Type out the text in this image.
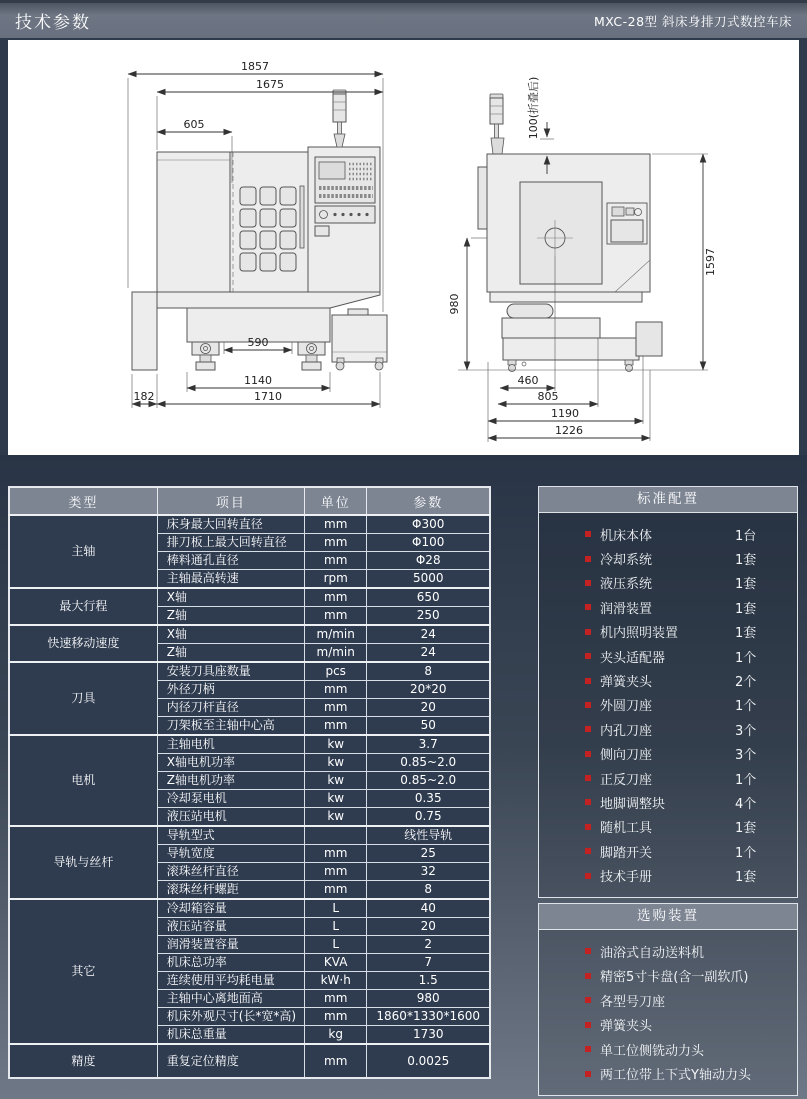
技术参数	MXC-28型 斜床身排刀式数控车床
1857
1675
605
590
1140
1710
182
100(折叠后)
1597
980
460
805
1190
1226
类型	项目	单位	参数
主轴	床身最大回转直径	mm	Φ300
	排刀板上最大回转直径	mm	Φ100
	棒料通孔直径	mm	Φ28
	主轴最高转速	rpm	5000
最大行程	X轴	mm	650
	Z轴	mm	250
快速移动速度	X轴	m/min	24
	Z轴	m/min	24
刀具	安装刀具座数量	pcs	8
	外径刀柄	mm	20*20
	内径刀杆直径	mm	20
	刀架板至主轴中心高	mm	50
电机	主轴电机	kw	3.7
	X轴电机功率	kw	0.85~2.0
	Z轴电机功率	kw	0.85~2.0
	冷却泵电机	kw	0.35
	液压站电机	kw	0.75
导轨与丝杆	导轨型式		线性导轨
	导轨宽度	mm	25
	滚珠丝杆直径	mm	32
	滚珠丝杆螺距	mm	8
其它	冷却箱容量	L	40
	液压站容量	L	20
	润滑装置容量	L	2
	机床总功率	KVA	7
	连续使用平均耗电量	kW·h	1.5
	主轴中心离地面高	mm	980
	机床外观尺寸(长*宽*高)	mm	1860*1330*1600
	机床总重量	kg	1730
精度	重复定位精度	mm	0.0025
标准配置
机床本体	1台
冷却系统	1套
液压系统	1套
润滑装置	1套
机内照明装置	1套
夹头适配器	1个
弹簧夹头	2个
外圆刀座	1个
内孔刀座	3个
侧向刀座	3个
正反刀座	1个
地脚调整块	4个
随机工具	1套
脚踏开关	1个
技术手册	1套
选购装置
油浴式自动送料机
精密5寸卡盘(含一副软爪)
各型号刀座
弹簧夹头
单工位侧铣动力头
两工位带上下式Y轴动力头
